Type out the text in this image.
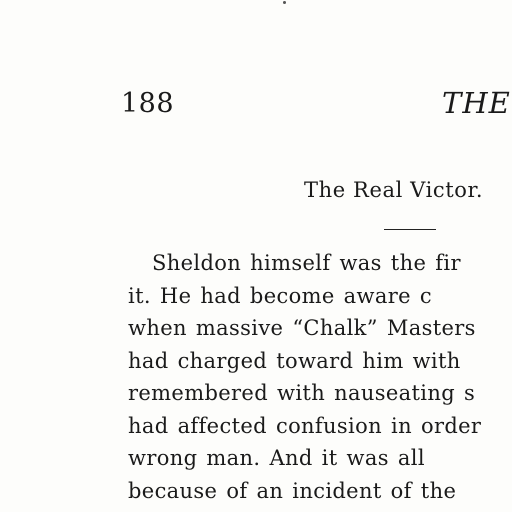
188	THE
The Real Victor.
Sheldon himself was the fir
it. He had become aware c
when massive “Chalk” Masters
had charged toward him with
remembered with nauseating s
had affected confusion in order
wrong man. And it was all
because of an incident of the
